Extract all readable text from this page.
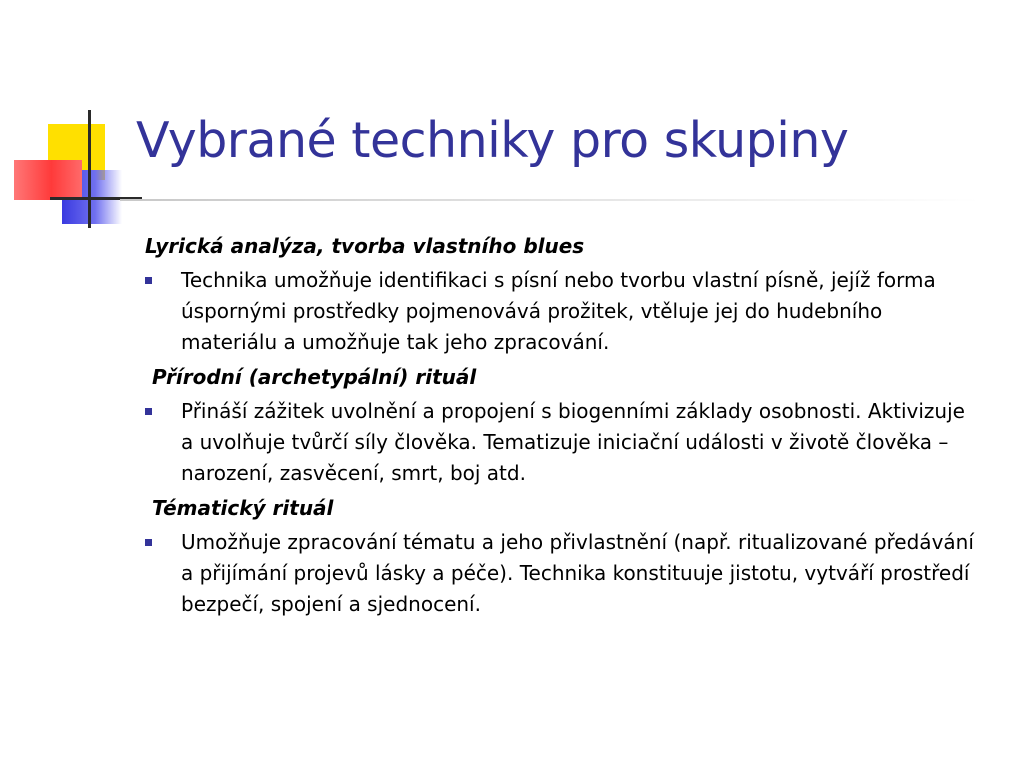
Vybrané techniky pro skupiny
Lyrická analýza, tvorba vlastního blues
Technika umožňuje identifikaci s písní nebo tvorbu vlastní písně, jejíž forma úspornými prostředky pojmenovává prožitek, vtěluje jej do hudebního materiálu a umožňuje tak jeho zpracování.
Přírodní (archetypální) rituál
Přináší zážitek uvolnění a propojení s biogenními základy osobnosti. Aktivizuje a uvolňuje tvůrčí síly člověka. Tematizuje iniciační události v životě člověka – narození, zasvěcení, smrt, boj atd.
Tématický rituál
Umožňuje zpracování tématu a jeho přivlastnění (např. ritualizované předávání a přijímání projevů lásky a péče). Technika konstituuje jistotu, vytváří prostředí bezpečí, spojení a sjednocení.
